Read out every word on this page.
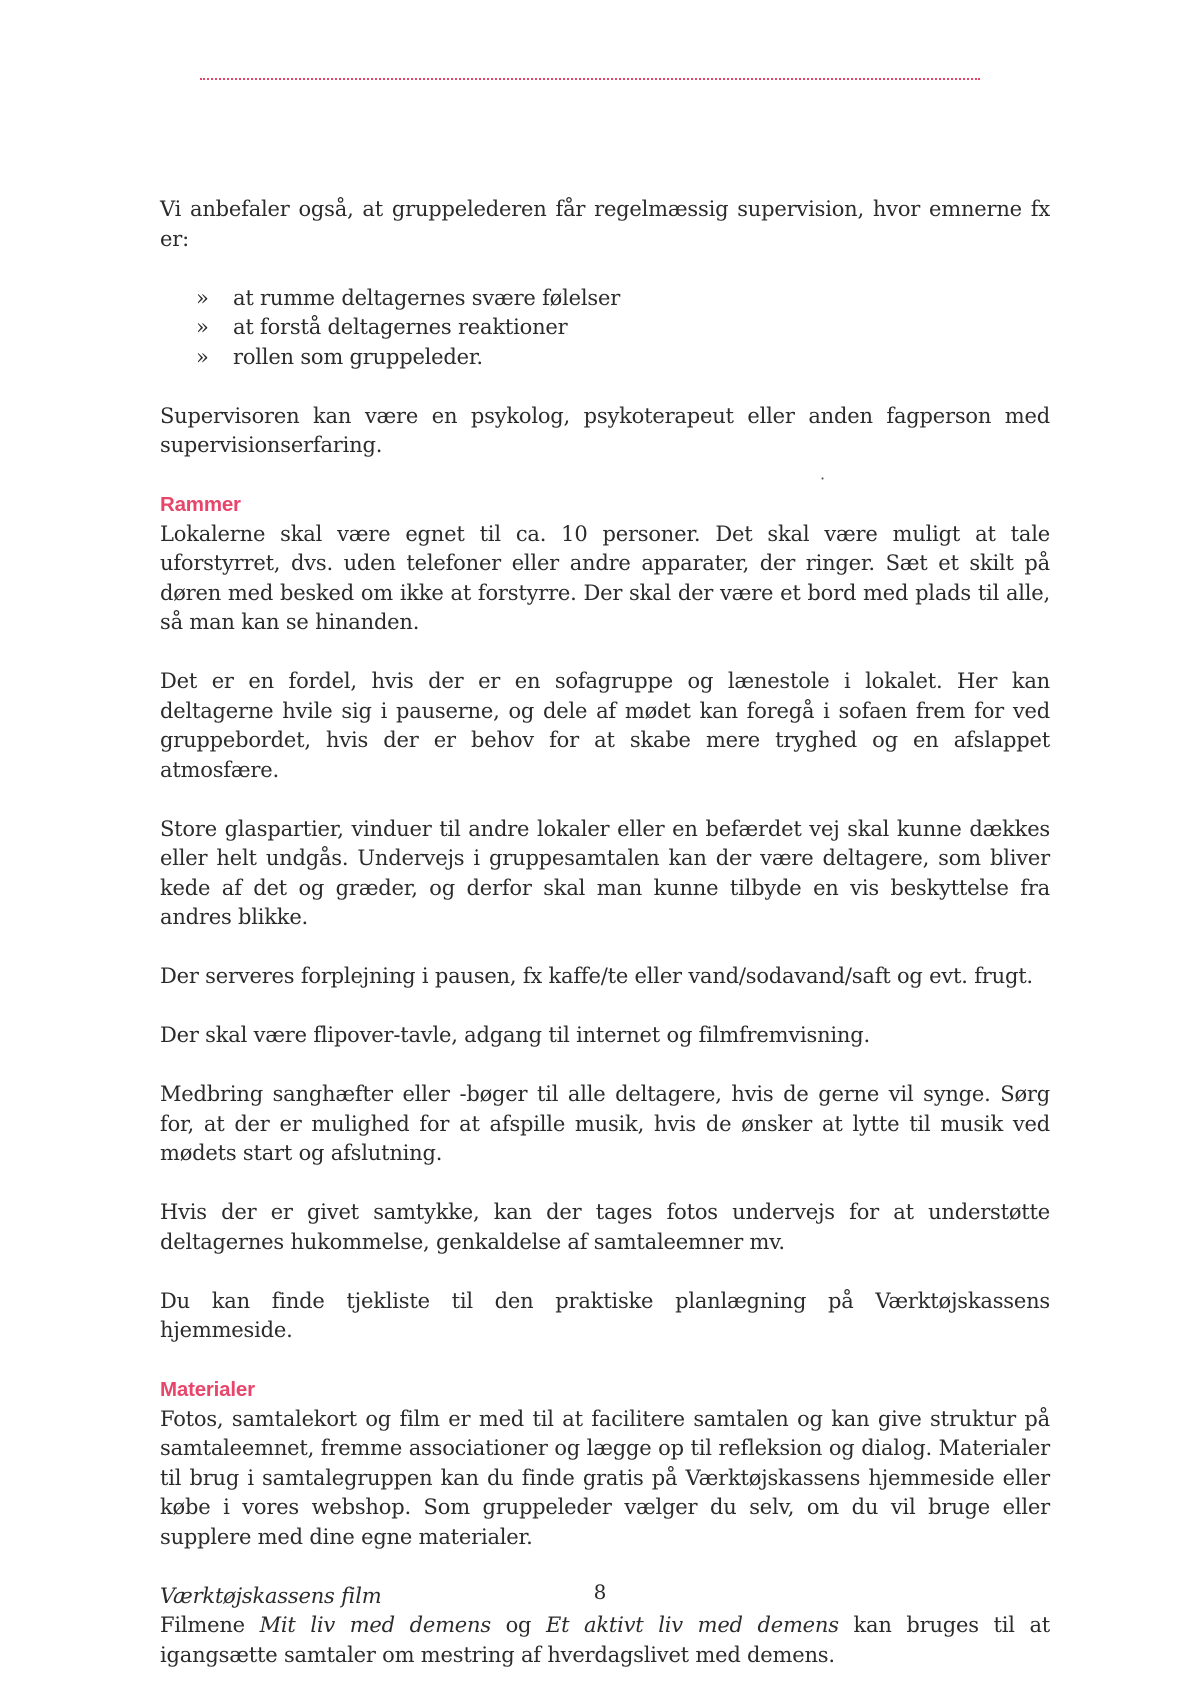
Vi anbefaler også, at gruppelederen får regelmæssig supervision, hvor emnerne fx er:

» at rumme deltagernes svære følelser
» at forstå deltagernes reaktioner
» rollen som gruppeleder.

Supervisoren kan være en psykolog, psykoterapeut eller anden fagperson med supervisionserfaring.

Rammer

Lokalerne skal være egnet til ca. 10 personer. Det skal være muligt at tale uforstyrret, dvs. uden telefoner eller andre apparater, der ringer. Sæt et skilt på døren med besked om ikke at forstyrre. Der skal der være et bord med plads til alle, så man kan se hinanden.

Det er en fordel, hvis der er en sofagruppe og lænestole i lokalet. Her kan deltagerne hvile sig i pauserne, og dele af mødet kan foregå i sofaen frem for ved gruppebordet, hvis der er behov for at skabe mere tryghed og en afslappet atmosfære.

Store glaspartier, vinduer til andre lokaler eller en befærdet vej skal kunne dækkes eller helt undgås. Undervejs i gruppesamtalen kan der være deltagere, som bliver kede af det og græder, og derfor skal man kunne tilbyde en vis beskyttelse fra andres blikke.

Der serveres forplejning i pausen, fx kaffe/te eller vand/sodavand/saft og evt. frugt.

Der skal være flipover-tavle, adgang til internet og filmfremvisning.

Medbring sanghæfter eller -bøger til alle deltagere, hvis de gerne vil synge. Sørg for, at der er mulighed for at afspille musik, hvis de ønsker at lytte til musik ved mødets start og afslutning.

Hvis der er givet samtykke, kan der tages fotos undervejs for at understøtte deltagernes hukommelse, genkaldelse af samtaleemner mv.

Du kan finde tjekliste til den praktiske planlægning på Værktøjskassens hjemmeside.

Materialer

Fotos, samtalekort og film er med til at facilitere samtalen og kan give struktur på samtaleemnet, fremme associationer og lægge op til refleksion og dialog. Materialer til brug i samtalegruppen kan du finde gratis på Værktøjskassens hjemmeside eller købe i vores webshop. Som gruppeleder vælger du selv, om du vil bruge eller supplere med dine egne materialer.

Værktøjskassens film

Filmene Mit liv med demens og Et aktivt liv med demens kan bruges til at igangsætte samtaler om mestring af hverdagslivet med demens.

·
8
